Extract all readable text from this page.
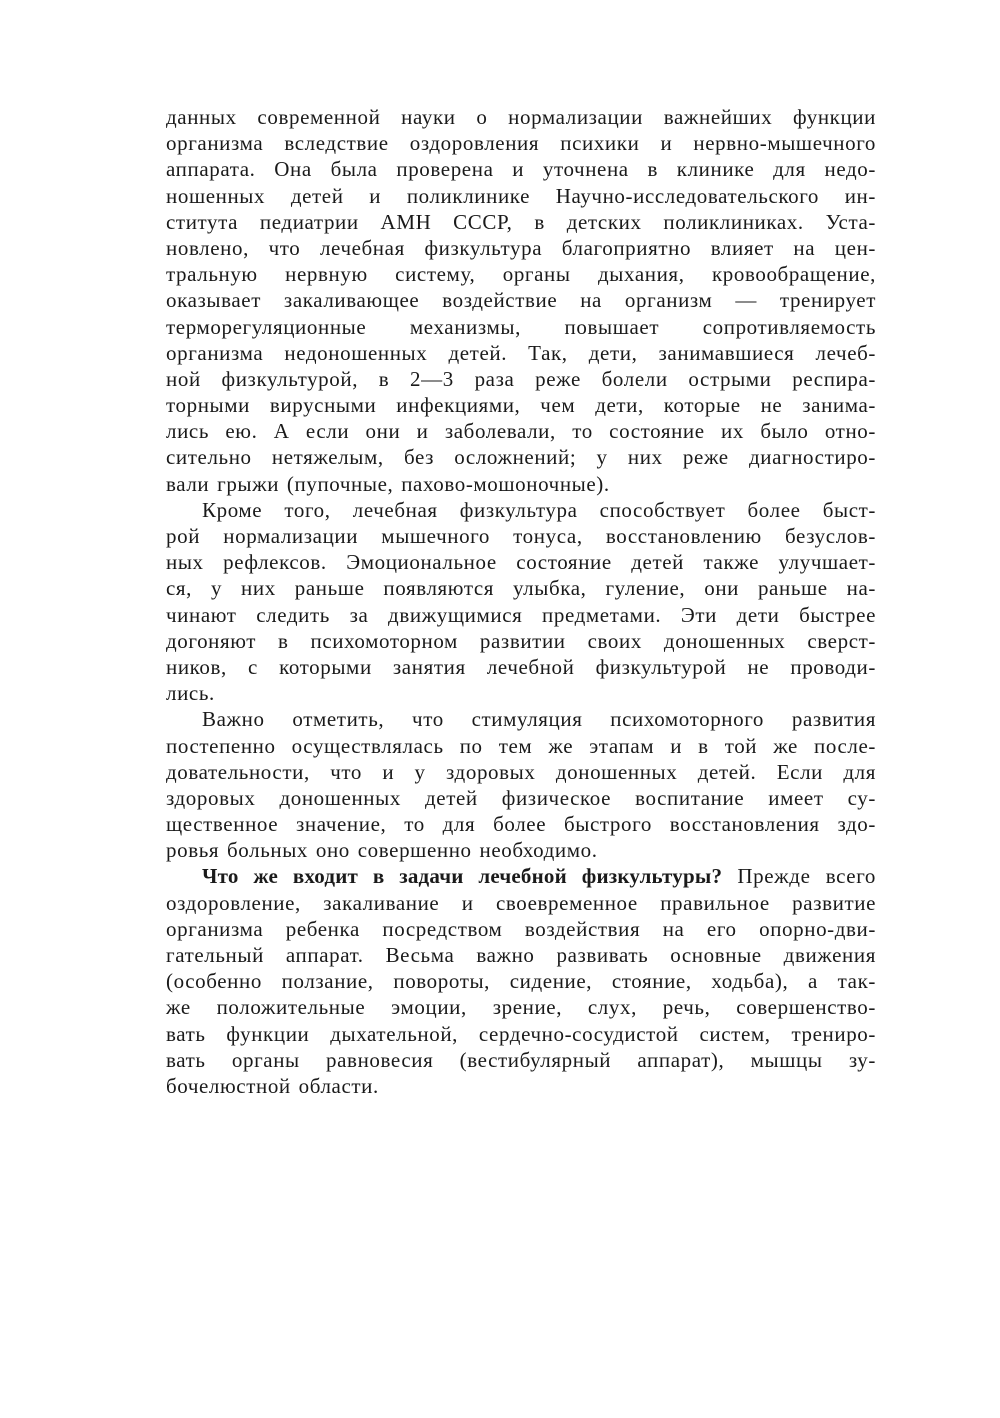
данных современной науки о нормализации важнейших функции
организма вследствие оздоровления психики и нервно-мышечного
аппарата. Она была проверена и уточнена в клинике для недо-
ношенных детей и поликлинике Научно-исследовательского ин-
ститута педиатрии АМН СССР, в детских поликлиниках. Уста-
новлено, что лечебная физкультура благоприятно влияет на цен-
тральную нервную систему, органы дыхания, кровообращение,
оказывает закаливающее воздействие на организм — тренирует
терморегуляционные механизмы, повышает сопротивляемость
организма недоношенных детей. Так, дети, занимавшиеся лечеб-
ной физкультурой, в 2—3 раза реже болели острыми респира-
торными вирусными инфекциями, чем дети, которые не занима-
лись ею. А если они и заболевали, то состояние их было отно-
сительно нетяжелым, без осложнений; у них реже диагностиро-
вали грыжи (пупочные, пахово-мошоночные).
Кроме того, лечебная физкультура способствует более быст-
рой нормализации мышечного тонуса, восстановлению безуслов-
ных рефлексов. Эмоциональное состояние детей также улучшает-
ся, у них раньше появляются улыбка, гуление, они раньше на-
чинают следить за движущимися предметами. Эти дети быстрее
догоняют в психомоторном развитии своих доношенных сверст-
ников, с которыми занятия лечебной физкультурой не проводи-
лись.
Важно отметить, что стимуляция психомоторного развития
постепенно осуществлялась по тем же этапам и в той же после-
довательности, что и у здоровых доношенных детей. Если для
здоровых доношенных детей физическое воспитание имеет су-
щественное значение, то для более быстрого восстановления здо-
ровья больных оно совершенно необходимо.
Что же входит в задачи лечебной физкультуры? Прежде всего
оздоровление, закаливание и своевременное правильное развитие
организма ребенка посредством воздействия на его опорно-дви-
гательный аппарат. Весьма важно развивать основные движения
(особенно ползание, повороты, сидение, стояние, ходьба), а так-
же положительные эмоции, зрение, слух, речь, совершенство-
вать функции дыхательной, сердечно-сосудистой систем, трениро-
вать органы равновесия (вестибулярный аппарат), мышцы зу-
бочелюстной области.
